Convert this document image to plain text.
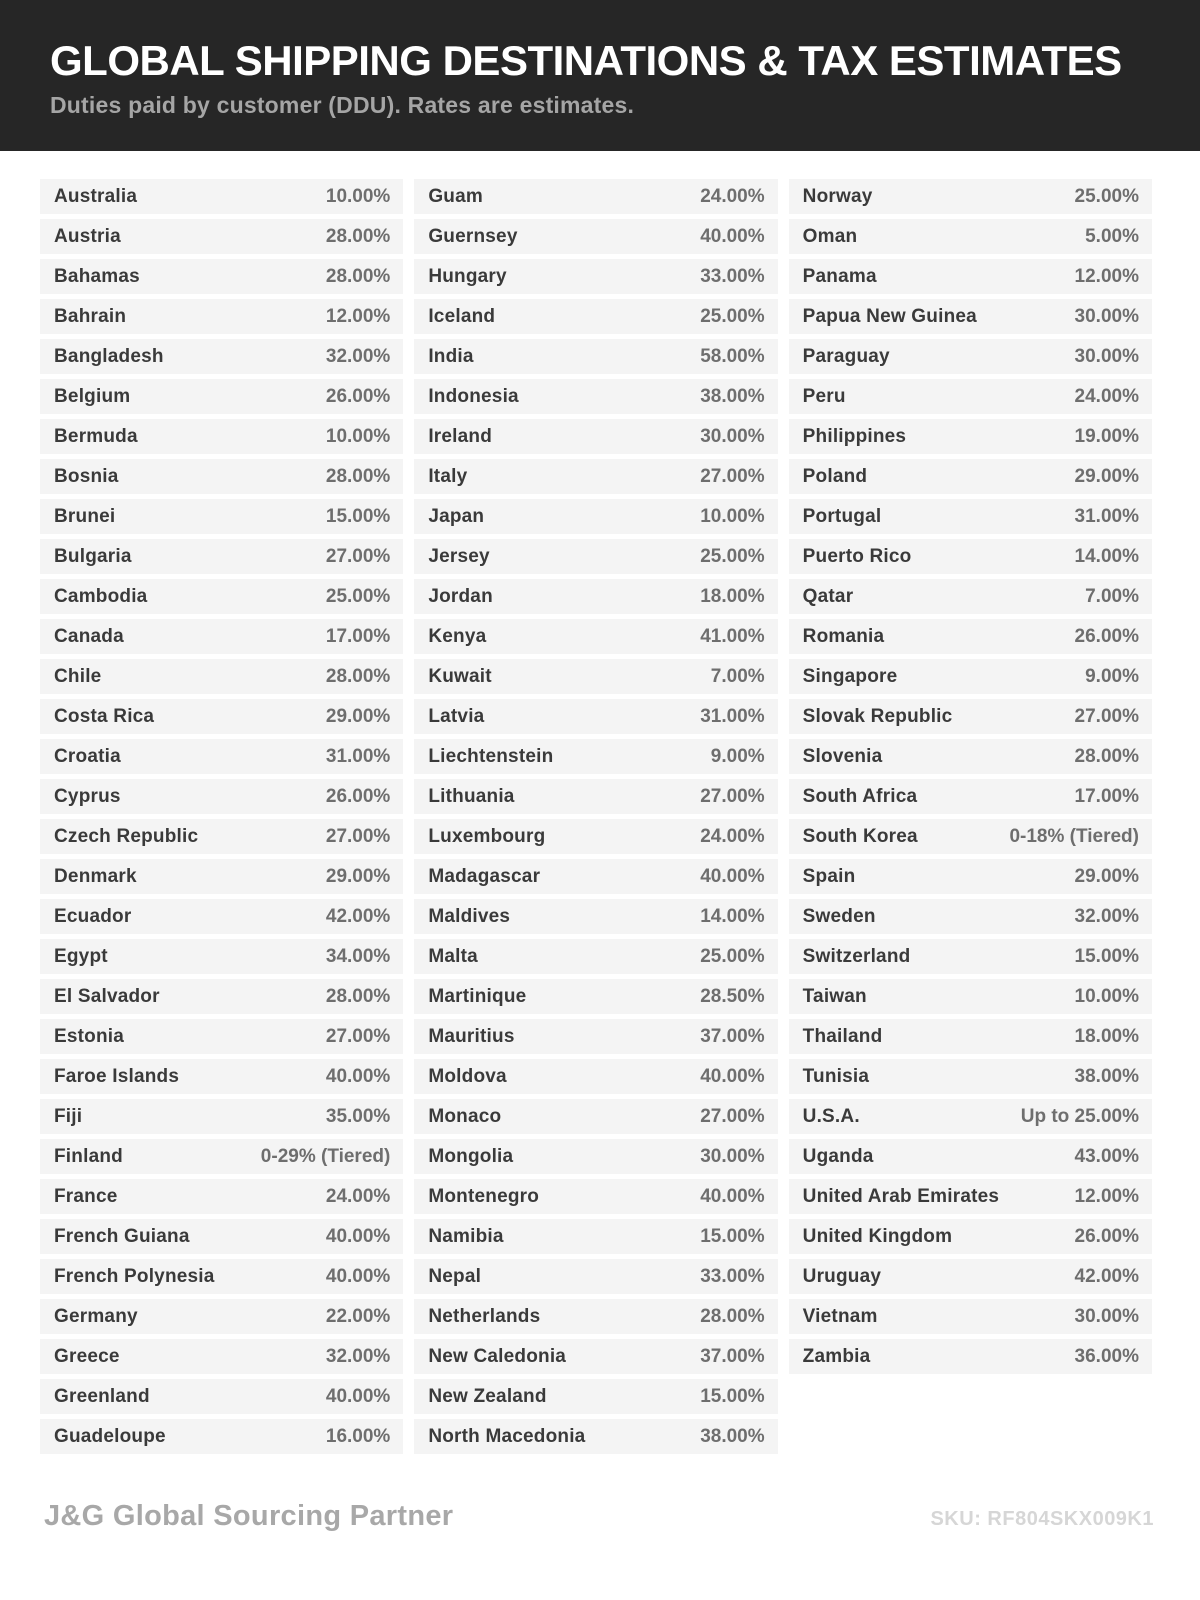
GLOBAL SHIPPING DESTINATIONS & TAX ESTIMATES
Duties paid by customer (DDU). Rates are estimates.
Australia	10.00%
Austria	28.00%
Bahamas	28.00%
Bahrain	12.00%
Bangladesh	32.00%
Belgium	26.00%
Bermuda	10.00%
Bosnia	28.00%
Brunei	15.00%
Bulgaria	27.00%
Cambodia	25.00%
Canada	17.00%
Chile	28.00%
Costa Rica	29.00%
Croatia	31.00%
Cyprus	26.00%
Czech Republic	27.00%
Denmark	29.00%
Ecuador	42.00%
Egypt	34.00%
El Salvador	28.00%
Estonia	27.00%
Faroe Islands	40.00%
Fiji	35.00%
Finland	0-29% (Tiered)
France	24.00%
French Guiana	40.00%
French Polynesia	40.00%
Germany	22.00%
Greece	32.00%
Greenland	40.00%
Guadeloupe	16.00%
Guam	24.00%
Guernsey	40.00%
Hungary	33.00%
Iceland	25.00%
India	58.00%
Indonesia	38.00%
Ireland	30.00%
Italy	27.00%
Japan	10.00%
Jersey	25.00%
Jordan	18.00%
Kenya	41.00%
Kuwait	7.00%
Latvia	31.00%
Liechtenstein	9.00%
Lithuania	27.00%
Luxembourg	24.00%
Madagascar	40.00%
Maldives	14.00%
Malta	25.00%
Martinique	28.50%
Mauritius	37.00%
Moldova	40.00%
Monaco	27.00%
Mongolia	30.00%
Montenegro	40.00%
Namibia	15.00%
Nepal	33.00%
Netherlands	28.00%
New Caledonia	37.00%
New Zealand	15.00%
North Macedonia	38.00%
Norway	25.00%
Oman	5.00%
Panama	12.00%
Papua New Guinea	30.00%
Paraguay	30.00%
Peru	24.00%
Philippines	19.00%
Poland	29.00%
Portugal	31.00%
Puerto Rico	14.00%
Qatar	7.00%
Romania	26.00%
Singapore	9.00%
Slovak Republic	27.00%
Slovenia	28.00%
South Africa	17.00%
South Korea	0-18% (Tiered)
Spain	29.00%
Sweden	32.00%
Switzerland	15.00%
Taiwan	10.00%
Thailand	18.00%
Tunisia	38.00%
U.S.A.	Up to 25.00%
Uganda	43.00%
United Arab Emirates	12.00%
United Kingdom	26.00%
Uruguay	42.00%
Vietnam	30.00%
Zambia	36.00%
J&G Global Sourcing Partner	SKU: RF804SKX009K1
